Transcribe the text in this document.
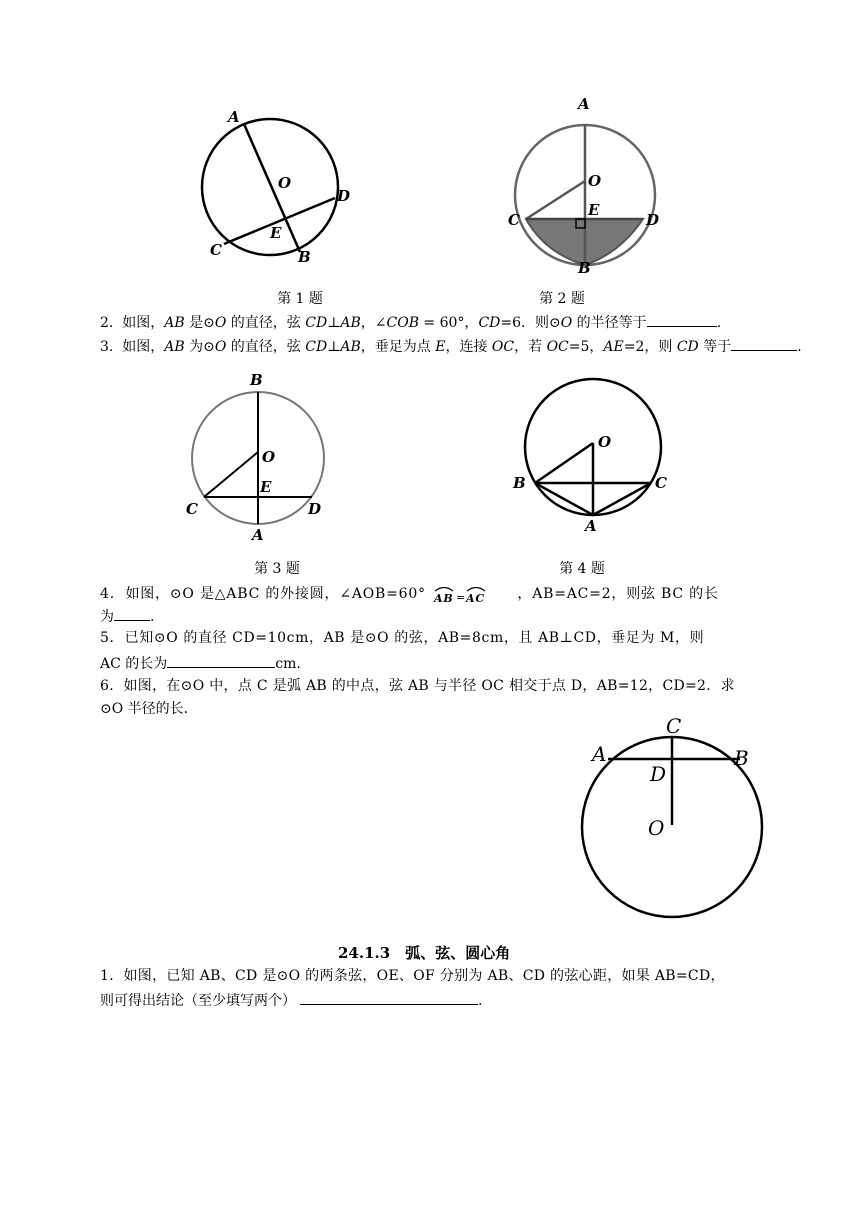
A
O
D
E
C	B
A
O
E
C	D
B
第 1 题	第 2 题
2. 如图，AB 是⊙O 的直径，弦 CD⊥AB，∠COB = 60°，CD=6．则⊙O 的半径等于	.
3. 如图，AB 为⊙O 的直径，弦 CD⊥AB，垂足为点 E，连接 OC，若 OC=5，AE=2，则 CD 等于	.
B
O
E
C	D
A
O
B	C
A
第 3 题	第 4 题
4. 如图，⊙O 是△ABC 的外接圆，∠AOB=60° AB = AC ，AB=AC=2，则弦 BC 的长
为	.
5. 已知⊙O 的直径 CD=10cm，AB 是⊙O 的弦，AB=8cm，且 AB⊥CD，垂足为 M，则
AC 的长为	cm.
6. 如图，在⊙O 中，点 C 是弧 AB 的中点，弦 AB 与半径 OC 相交于点 D，AB=12，CD=2．求
⊙O 半径的长．
C
A	B
D
O
24.1.3　弧、弦、圆心角
1. 如图，已知 AB、CD 是⊙O 的两条弦，OE、OF 分别为 AB、CD 的弦心距，如果 AB=CD，
则可得出结论（至少填写两个）	.
